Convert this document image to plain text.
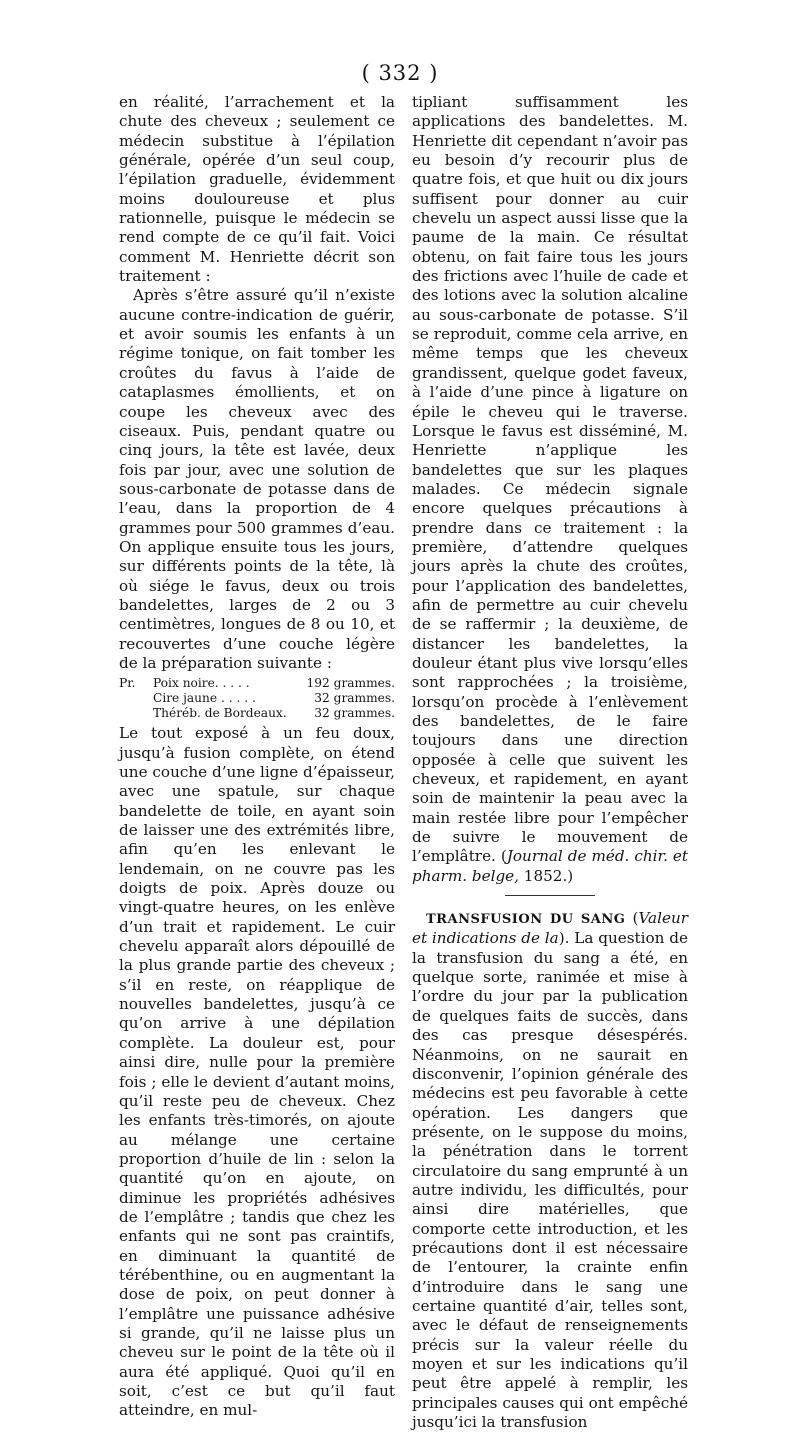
( 332 )

en réalité, l’arrachement et la chute des cheveux ; seulement ce médecin substitue à l’épilation générale, opérée d’un seul coup, l’épilation graduelle, évidemment moins douloureuse et plus rationnelle, puisque le médecin se rend compte de ce qu’il fait. Voici comment M. Henriette décrit son traitement :

Après s’être assuré qu’il n’existe aucune contre-indication de guérir, et avoir soumis les enfants à un régime tonique, on fait tomber les croûtes du favus à l’aide de cataplasmes émollients, et on coupe les cheveux avec des ciseaux. Puis, pendant quatre ou cinq jours, la tête est lavée, deux fois par jour, avec une solution de sous-carbonate de potasse dans de l’eau, dans la proportion de 4 grammes pour 500 grammes d’eau. On applique ensuite tous les jours, sur différents points de la tête, là où siége le favus, deux ou trois bandelettes, larges de 2 ou 3 centimètres, longues de 8 ou 10, et recouvertes d’une couche légère de la préparation suivante :

Pr.	Poix noire. . . . .	192 grammes.
Cire jaune . . . . .	32 grammes.
Théréb. de Bordeaux.	32 grammes.

Le tout exposé à un feu doux, jusqu’à fusion complète, on étend une couche d’une ligne d’épaisseur, avec une spatule, sur chaque bandelette de toile, en ayant soin de laisser une des extrémités libre, afin qu’en les enlevant le lendemain, on ne couvre pas les doigts de poix. Après douze ou vingt-quatre heures, on les enlève d’un trait et rapidement. Le cuir chevelu apparaît alors dépouillé de la plus grande partie des cheveux ; s’il en reste, on réapplique de nouvelles bandelettes, jusqu’à ce qu’on arrive à une dépilation complète. La douleur est, pour ainsi dire, nulle pour la première fois ; elle le devient d’autant moins, qu’il reste peu de cheveux. Chez les enfants très-timorés, on ajoute au mélange une certaine proportion d’huile de lin : selon la quantité qu’on en ajoute, on diminue les propriétés adhésives de l’emplâtre ; tandis que chez les enfants qui ne sont pas craintifs, en diminuant la quantité de térébenthine, ou en augmentant la dose de poix, on peut donner à l’emplâtre une puissance adhésive si grande, qu’il ne laisse plus un cheveu sur le point de la tête où il aura été appliqué. Quoi qu’il en soit, c’est ce but qu’il faut atteindre, en mul-

tipliant suffisamment les applications des bandelettes. M. Henriette dit cependant n’avoir pas eu besoin d’y recourir plus de quatre fois, et que huit ou dix jours suffisent pour donner au cuir chevelu un aspect aussi lisse que la paume de la main. Ce résultat obtenu, on fait faire tous les jours des frictions avec l’huile de cade et des lotions avec la solution alcaline au sous-carbonate de potasse. S’il se reproduit, comme cela arrive, en même temps que les cheveux grandissent, quelque godet faveux, à l’aide d’une pince à ligature on épile le cheveu qui le traverse. Lorsque le favus est disséminé, M. Henriette n’applique les bandelettes que sur les plaques malades. Ce médecin signale encore quelques précautions à prendre dans ce traitement : la première, d’attendre quelques jours après la chute des croûtes, pour l’application des bandelettes, afin de permettre au cuir chevelu de se raffermir ; la deuxième, de distancer les bandelettes, la douleur étant plus vive lorsqu’elles sont rapprochées ; la troisième, lorsqu’on procède à l’enlèvement des bandelettes, de le faire toujours dans une direction opposée à celle que suivent les cheveux, et rapidement, en ayant soin de maintenir la peau avec la main restée libre pour l’empêcher de suivre le mouvement de l’emplâtre. (Journal de méd. chir. et pharm. belge, 1852.)

TRANSFUSION DU SANG (Valeur et indications de la). La question de la transfusion du sang a été, en quelque sorte, ranimée et mise à l’ordre du jour par la publication de quelques faits de succès, dans des cas presque désespérés. Néanmoins, on ne saurait en disconvenir, l’opinion générale des médecins est peu favorable à cette opération. Les dangers que présente, on le suppose du moins, la pénétration dans le torrent circulatoire du sang emprunté à un autre individu, les difficultés, pour ainsi dire matérielles, que comporte cette introduction, et les précautions dont il est nécessaire de l’entourer, la crainte enfin d’introduire dans le sang une certaine quantité d’air, telles sont, avec le défaut de renseignements précis sur la valeur réelle du moyen et sur les indications qu’il peut être appelé à remplir, les principales causes qui ont empêché jusqu’ici la transfusion
